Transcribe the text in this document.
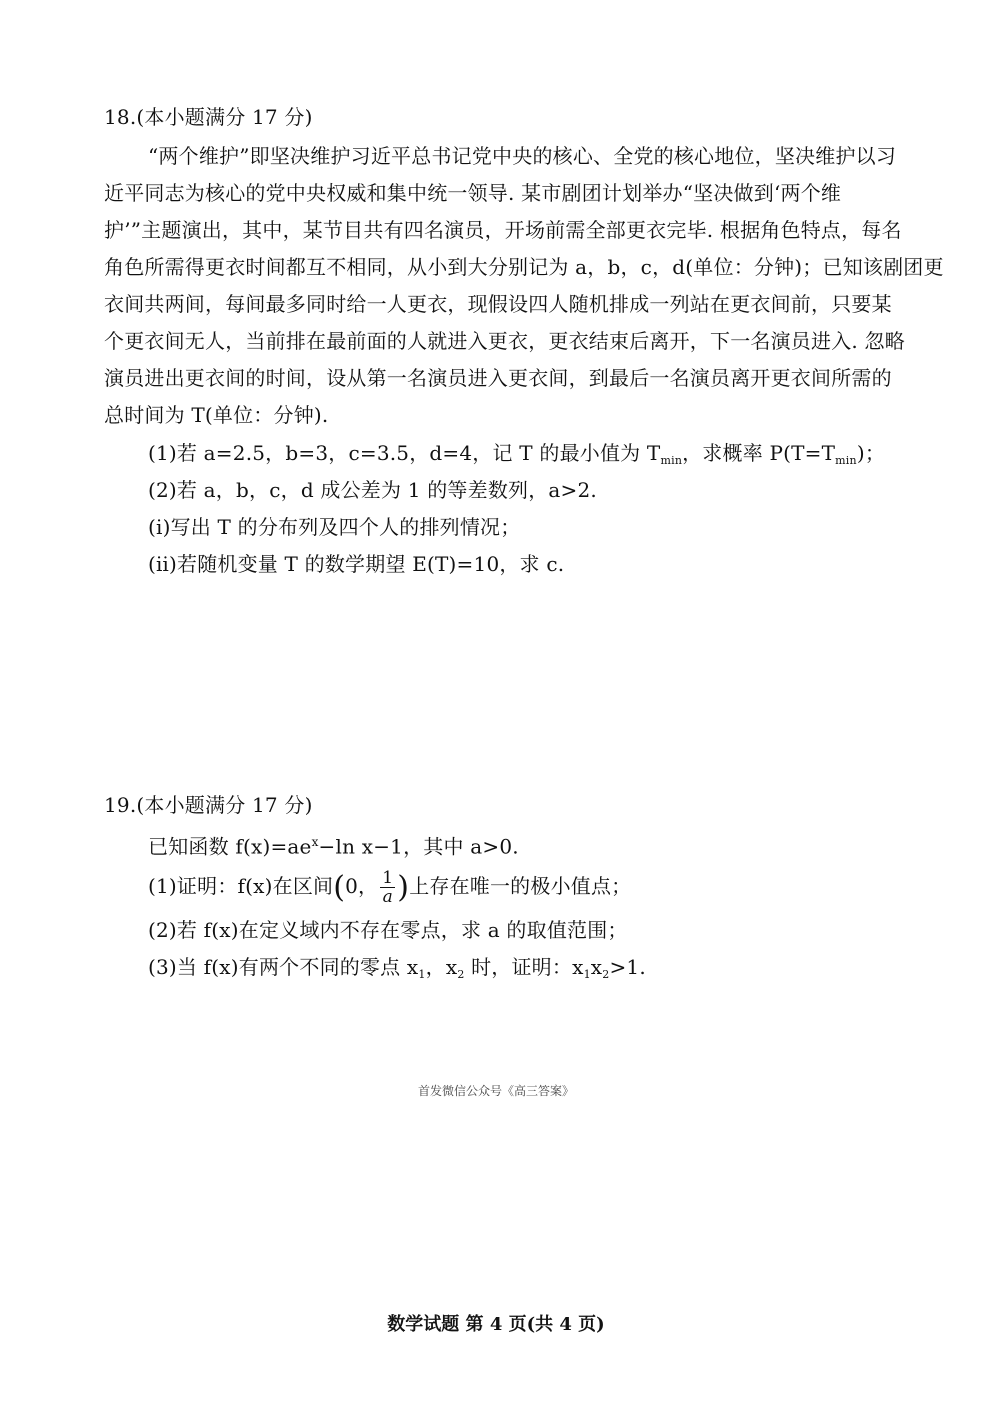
18.(本小题满分 17 分)
“两个维护”即坚决维护习近平总书记党中央的核心、全党的核心地位，坚决维护以习
近平同志为核心的党中央权威和集中统一领导. 某市剧团计划举办“坚决做到‘两个维
护’”主题演出，其中，某节目共有四名演员，开场前需全部更衣完毕. 根据角色特点，每名
角色所需得更衣时间都互不相同，从小到大分别记为 a，b，c，d(单位：分钟)；已知该剧团更
衣间共两间，每间最多同时给一人更衣，现假设四人随机排成一列站在更衣间前，只要某
个更衣间无人，当前排在最前面的人就进入更衣，更衣结束后离开，下一名演员进入. 忽略
演员进出更衣间的时间，设从第一名演员进入更衣间，到最后一名演员离开更衣间所需的
总时间为 T(单位：分钟).
(1)若 a=2.5，b=3，c=3.5，d=4，记 T 的最小值为 $T_{min}$，求概率 $P(T=T_{min})$；
(2)若 a，b，c，d 成公差为 1 的等差数列，a>2.
(ⅰ)写出 T 的分布列及四个人的排列情况；
(ⅱ)若随机变量 T 的数学期望 E(T)=10，求 c.
19.(本小题满分 17 分)
已知函数 $f(x)=ae^x-\ln$ x−1，其中 a>0.
(1)证明：f(x)在区间(0， $\frac{1}{a}$ )上存在唯一的极小值点；
(2)若 f(x)在定义域内不存在零点，求 a 的取值范围；
(3)当 f(x)有两个不同的零点 $x_1$，$x_2$ 时，证明：$x_1x_2>1$.
首发微信公众号《高三答案》
数学试题 第 4 页(共 4 页)
